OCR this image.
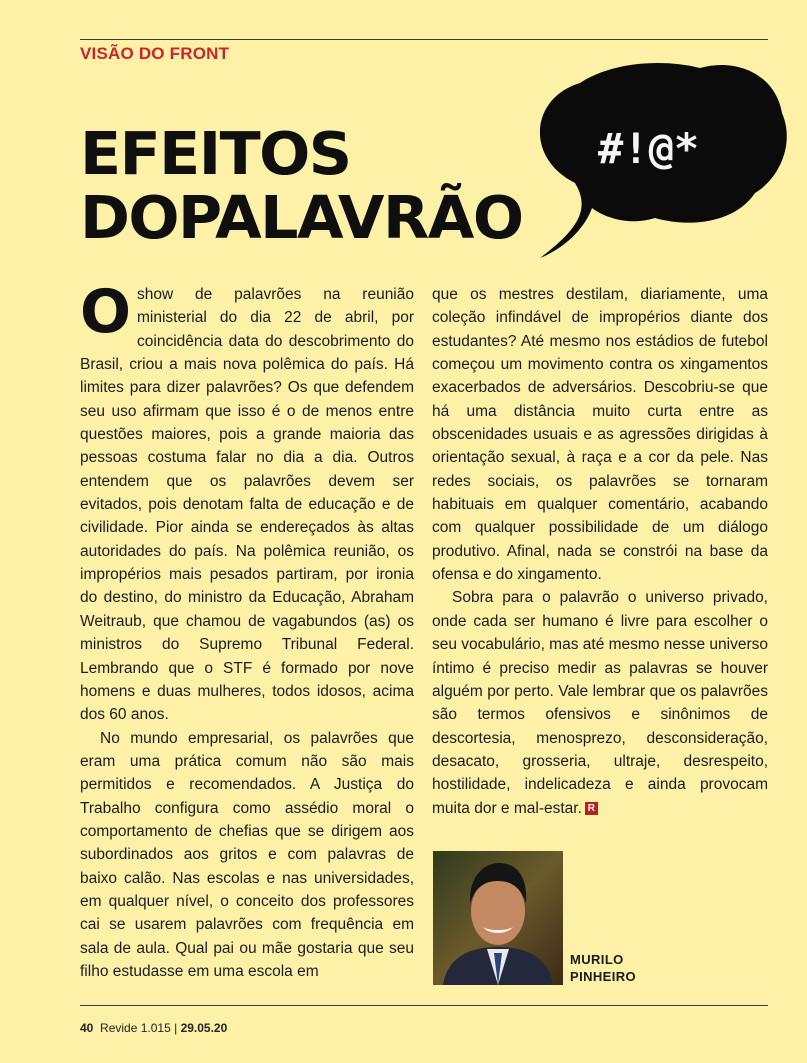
VISÃO DO FRONT
EFEITOS
DOPALAVRÃO
#!@*

O show de palavrões na reunião ministerial do dia 22 de abril, por coincidência data do descobrimento do Brasil, criou a mais nova polêmica do país. Há limites para dizer palavrões? Os que defendem seu uso afirmam que isso é o de menos entre questões maiores, pois a grande maioria das pessoas costuma falar no dia a dia. Outros entendem que os palavrões devem ser evitados, pois denotam falta de educação e de civilidade. Pior ainda se endereçados às altas autoridades do país. Na polêmica reunião, os impropérios mais pesados partiram, por ironia do destino, do ministro da Educação, Abraham Weitraub, que chamou de vagabundos (as) os ministros do Supremo Tribunal Federal. Lembrando que o STF é formado por nove homens e duas mulheres, todos idosos, acima dos 60 anos.

No mundo empresarial, os palavrões que eram uma prática comum não são mais permitidos e recomendados. A Justiça do Trabalho configura como assédio moral o comportamento de chefias que se dirigem aos subordinados aos gritos e com palavras de baixo calão. Nas escolas e nas universidades, em qualquer nível, o conceito dos professores cai se usarem palavrões com frequência em sala de aula. Qual pai ou mãe gostaria que seu filho estudasse em uma escola em

que os mestres destilam, diariamente, uma coleção infindável de impropérios diante dos estudantes? Até mesmo nos estádios de futebol começou um movimento contra os xingamentos exacerbados de adversários. Descobriu-se que há uma distância muito curta entre as obscenidades usuais e as agressões dirigidas à orientação sexual, à raça e a cor da pele. Nas redes sociais, os palavrões se tornaram habituais em qualquer comentário, acabando com qualquer possibilidade de um diálogo produtivo. Afinal, nada se constrói na base da ofensa e do xingamento.

Sobra para o palavrão o universo privado, onde cada ser humano é livre para escolher o seu vocabulário, mas até mesmo nesse universo íntimo é preciso medir as palavras se houver alguém por perto. Vale lembrar que os palavrões são termos ofensivos e sinônimos de descortesia, menosprezo, desconsideração, desacato, grosseria, ultraje, desrespeito, hostilidade, indelicadeza e ainda provocam muita dor e mal-estar. R

MURILO
PINHEIRO
40 Revide 1.015 | 29.05.20
